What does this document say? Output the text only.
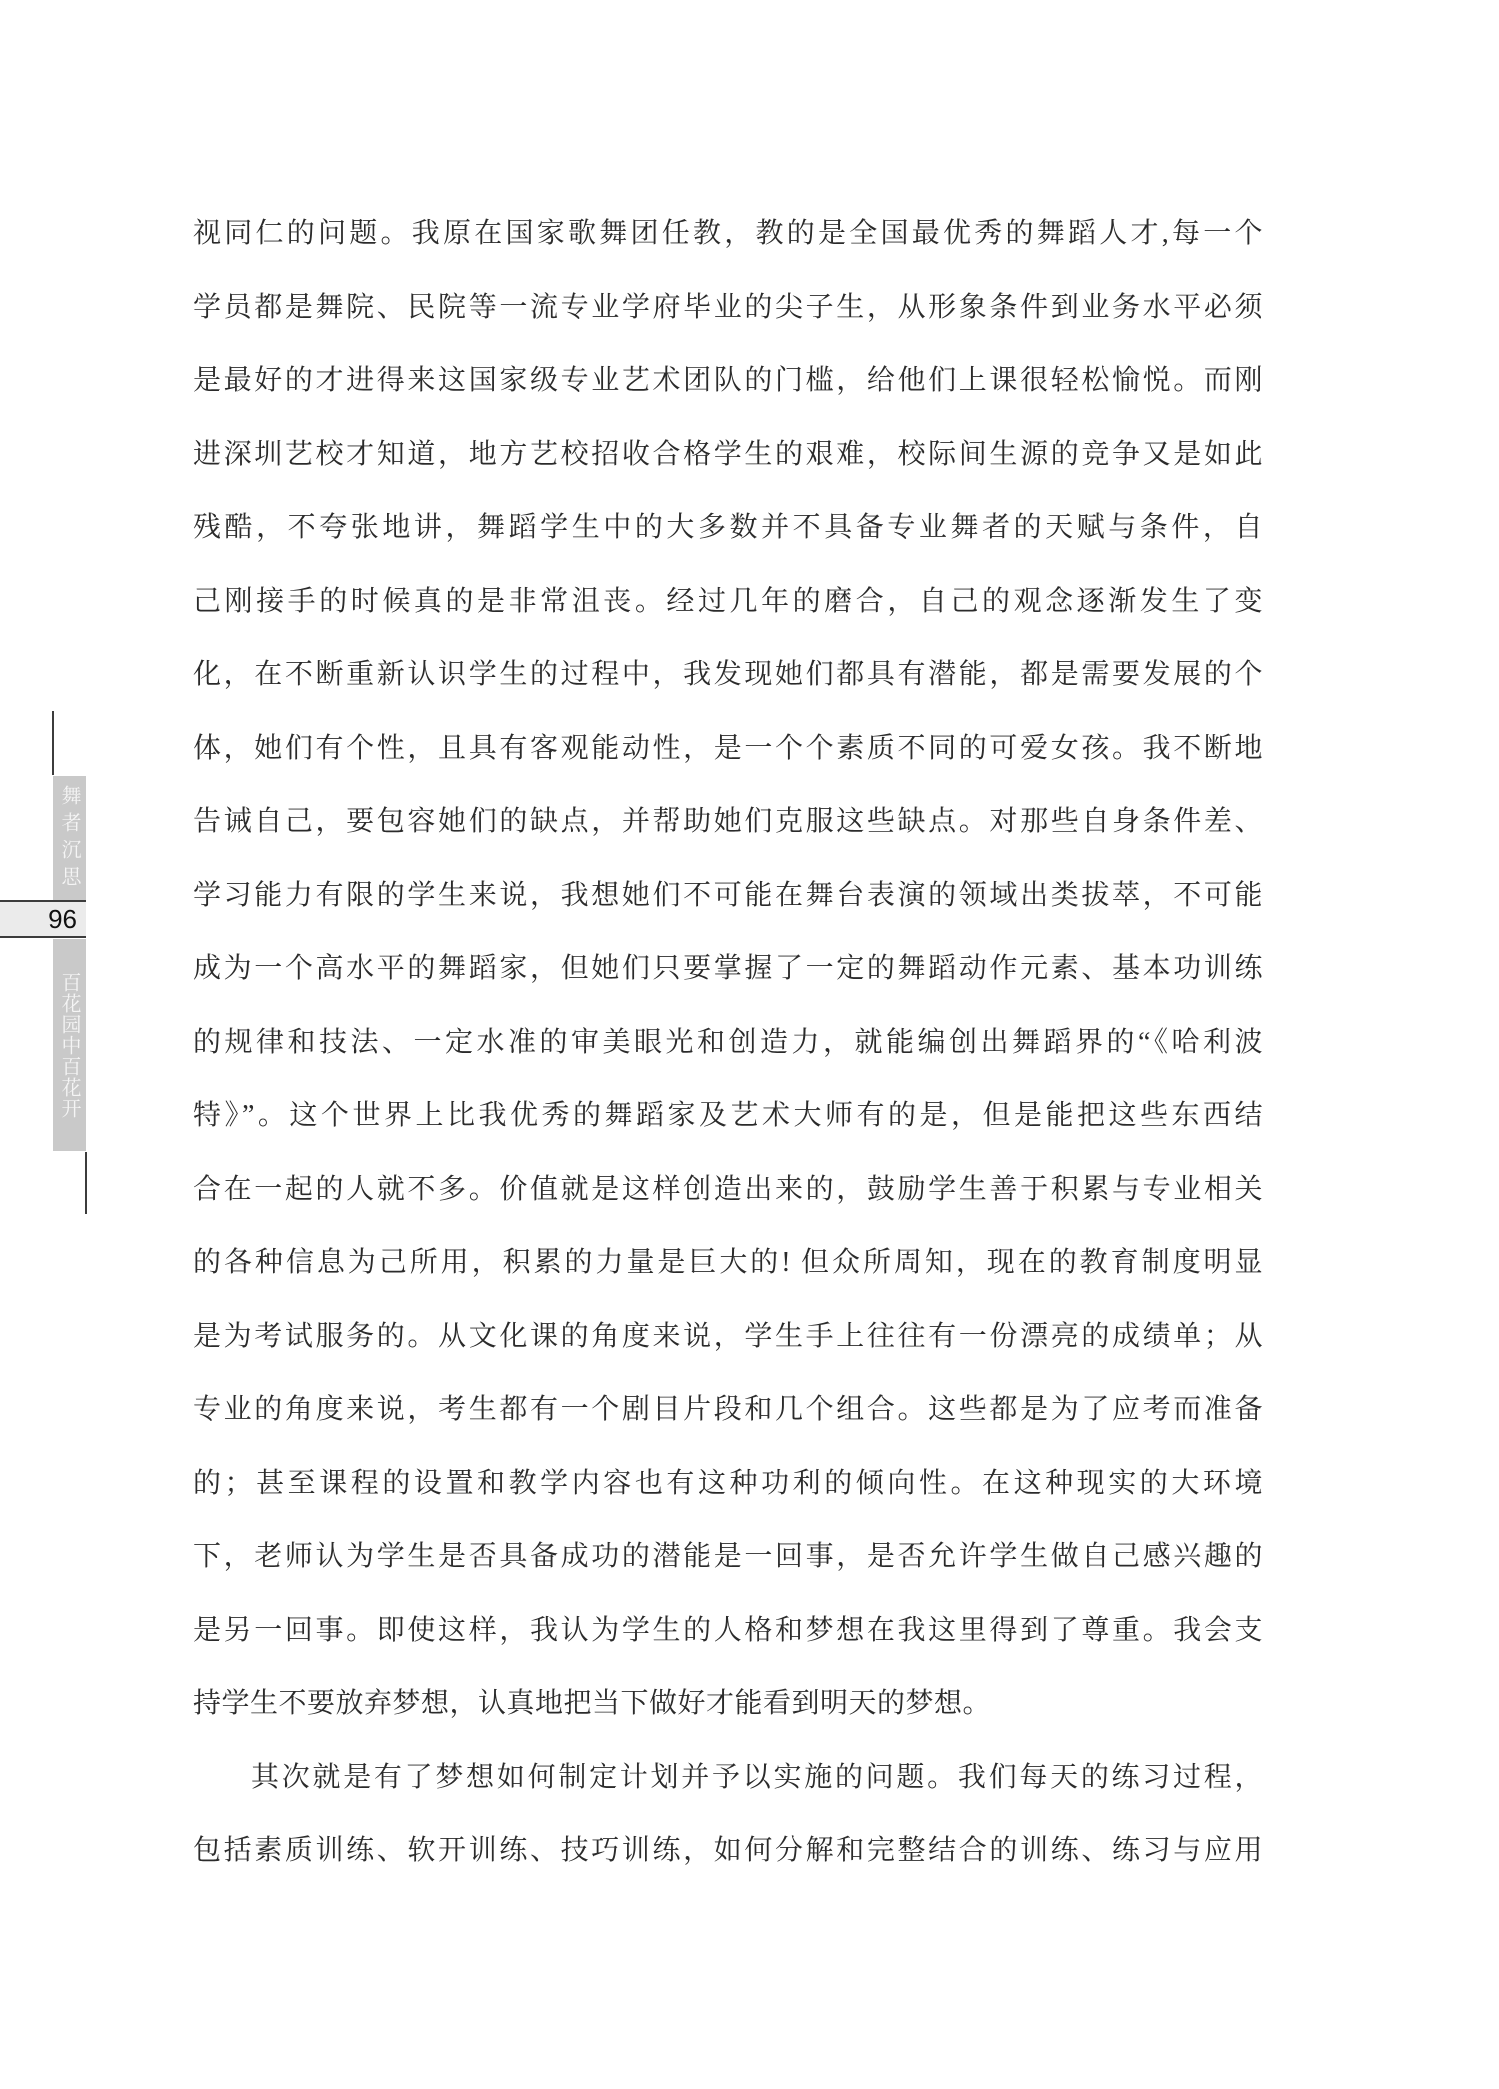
舞者沉思
96
百花园中百花开
视同仁的问题。我原在国家歌舞团任教，教的是全国最优秀的舞蹈人才,每一个
学员都是舞院、民院等一流专业学府毕业的尖子生，从形象条件到业务水平必须
是最好的才进得来这国家级专业艺术团队的门槛，给他们上课很轻松愉悦。而刚
进深圳艺校才知道，地方艺校招收合格学生的艰难，校际间生源的竞争又是如此
残酷，不夸张地讲，舞蹈学生中的大多数并不具备专业舞者的天赋与条件，自
己刚接手的时候真的是非常沮丧。经过几年的磨合，自己的观念逐渐发生了变
化，在不断重新认识学生的过程中，我发现她们都具有潜能，都是需要发展的个
体，她们有个性，且具有客观能动性，是一个个素质不同的可爱女孩。我不断地
告诫自己，要包容她们的缺点，并帮助她们克服这些缺点。对那些自身条件差、
学习能力有限的学生来说，我想她们不可能在舞台表演的领域出类拔萃，不可能
成为一个高水平的舞蹈家，但她们只要掌握了一定的舞蹈动作元素、基本功训练
的规律和技法、一定水准的审美眼光和创造力，就能编创出舞蹈界的“《哈利波
特》”。这个世界上比我优秀的舞蹈家及艺术大师有的是，但是能把这些东西结
合在一起的人就不多。价值就是这样创造出来的，鼓励学生善于积累与专业相关
的各种信息为己所用，积累的力量是巨大的! 但众所周知，现在的教育制度明显
是为考试服务的。从文化课的角度来说，学生手上往往有一份漂亮的成绩单；从
专业的角度来说，考生都有一个剧目片段和几个组合。这些都是为了应考而准备
的；甚至课程的设置和教学内容也有这种功利的倾向性。在这种现实的大环境
下，老师认为学生是否具备成功的潜能是一回事，是否允许学生做自己感兴趣的
是另一回事。即使这样，我认为学生的人格和梦想在我这里得到了尊重。我会支
持学生不要放弃梦想，认真地把当下做好才能看到明天的梦想。
其次就是有了梦想如何制定计划并予以实施的问题。我们每天的练习过程，
包括素质训练、软开训练、技巧训练，如何分解和完整结合的训练、练习与应用
